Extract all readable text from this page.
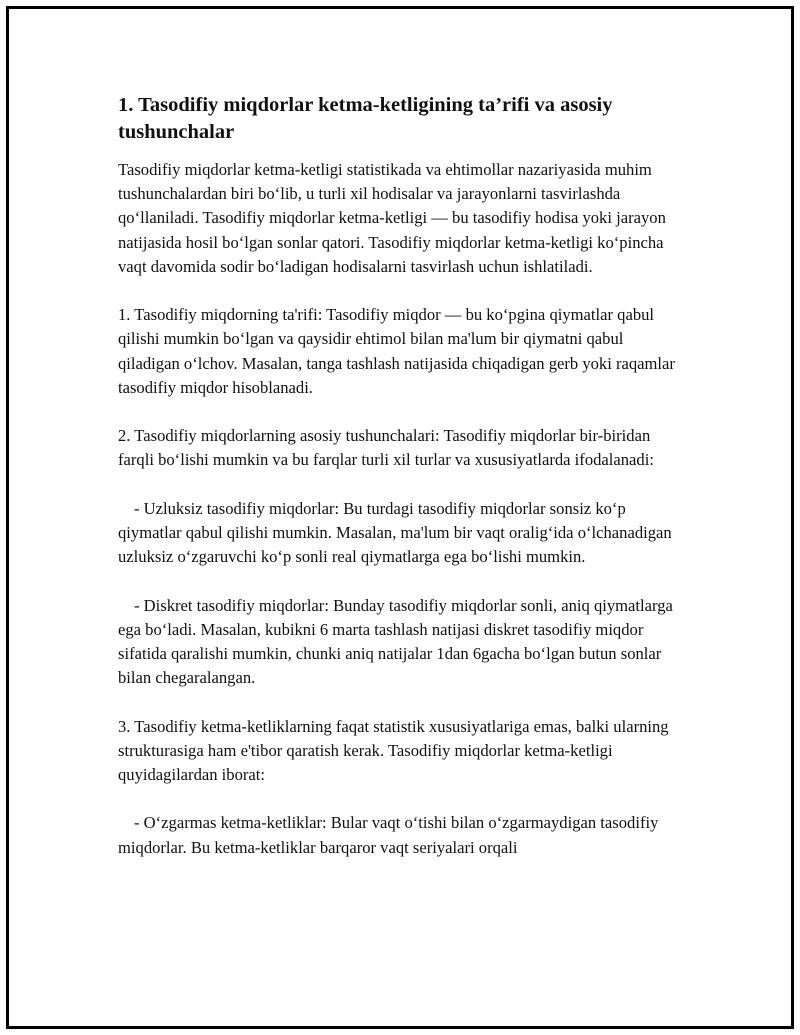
1. Tasodifiy miqdorlar ketma-ketligining ta’rifi va asosiy tushunchalar

Tasodifiy miqdorlar ketma-ketligi statistikada va ehtimollar nazariyasida muhim tushunchalardan biri bo‘lib, u turli xil hodisalar va jarayonlarni tasvirlashda qo‘llaniladi. Tasodifiy miqdorlar ketma-ketligi — bu tasodifiy hodisa yoki jarayon natijasida hosil bo‘lgan sonlar qatori. Tasodifiy miqdorlar ketma-ketligi ko‘pincha vaqt davomida sodir bo‘ladigan hodisalarni tasvirlash uchun ishlatiladi.

1. Tasodifiy miqdorning ta'rifi: Tasodifiy miqdor — bu ko‘pgina qiymatlar qabul qilishi mumkin bo‘lgan va qaysidir ehtimol bilan ma'lum bir qiymatni qabul qiladigan o‘lchov. Masalan, tanga tashlash natijasida chiqadigan gerb yoki raqamlar tasodifiy miqdor hisoblanadi.

2. Tasodifiy miqdorlarning asosiy tushunchalari: Tasodifiy miqdorlar bir-biridan farqli bo‘lishi mumkin va bu farqlar turli xil turlar va xususiyatlarda ifodalanadi:

- Uzluksiz tasodifiy miqdorlar: Bu turdagi tasodifiy miqdorlar sonsiz ko‘p qiymatlar qabul qilishi mumkin. Masalan, ma'lum bir vaqt oralig‘ida o‘lchanadigan uzluksiz o‘zgaruvchi ko‘p sonli real qiymatlarga ega bo‘lishi mumkin.

- Diskret tasodifiy miqdorlar: Bunday tasodifiy miqdorlar sonli, aniq qiymatlarga ega bo‘ladi. Masalan, kubikni 6 marta tashlash natijasi diskret tasodifiy miqdor sifatida qaralishi mumkin, chunki aniq natijalar 1dan 6gacha bo‘lgan butun sonlar bilan chegaralangan.

3. Tasodifiy ketma-ketliklarning faqat statistik xususiyatlariga emas, balki ularning strukturasiga ham e'tibor qaratish kerak. Tasodifiy miqdorlar ketma-ketligi quyidagilardan iborat:

- O‘zgarmas ketma-ketliklar: Bular vaqt o‘tishi bilan o‘zgarmaydigan tasodifiy miqdorlar. Bu ketma-ketliklar barqaror vaqt seriyalari orqali
